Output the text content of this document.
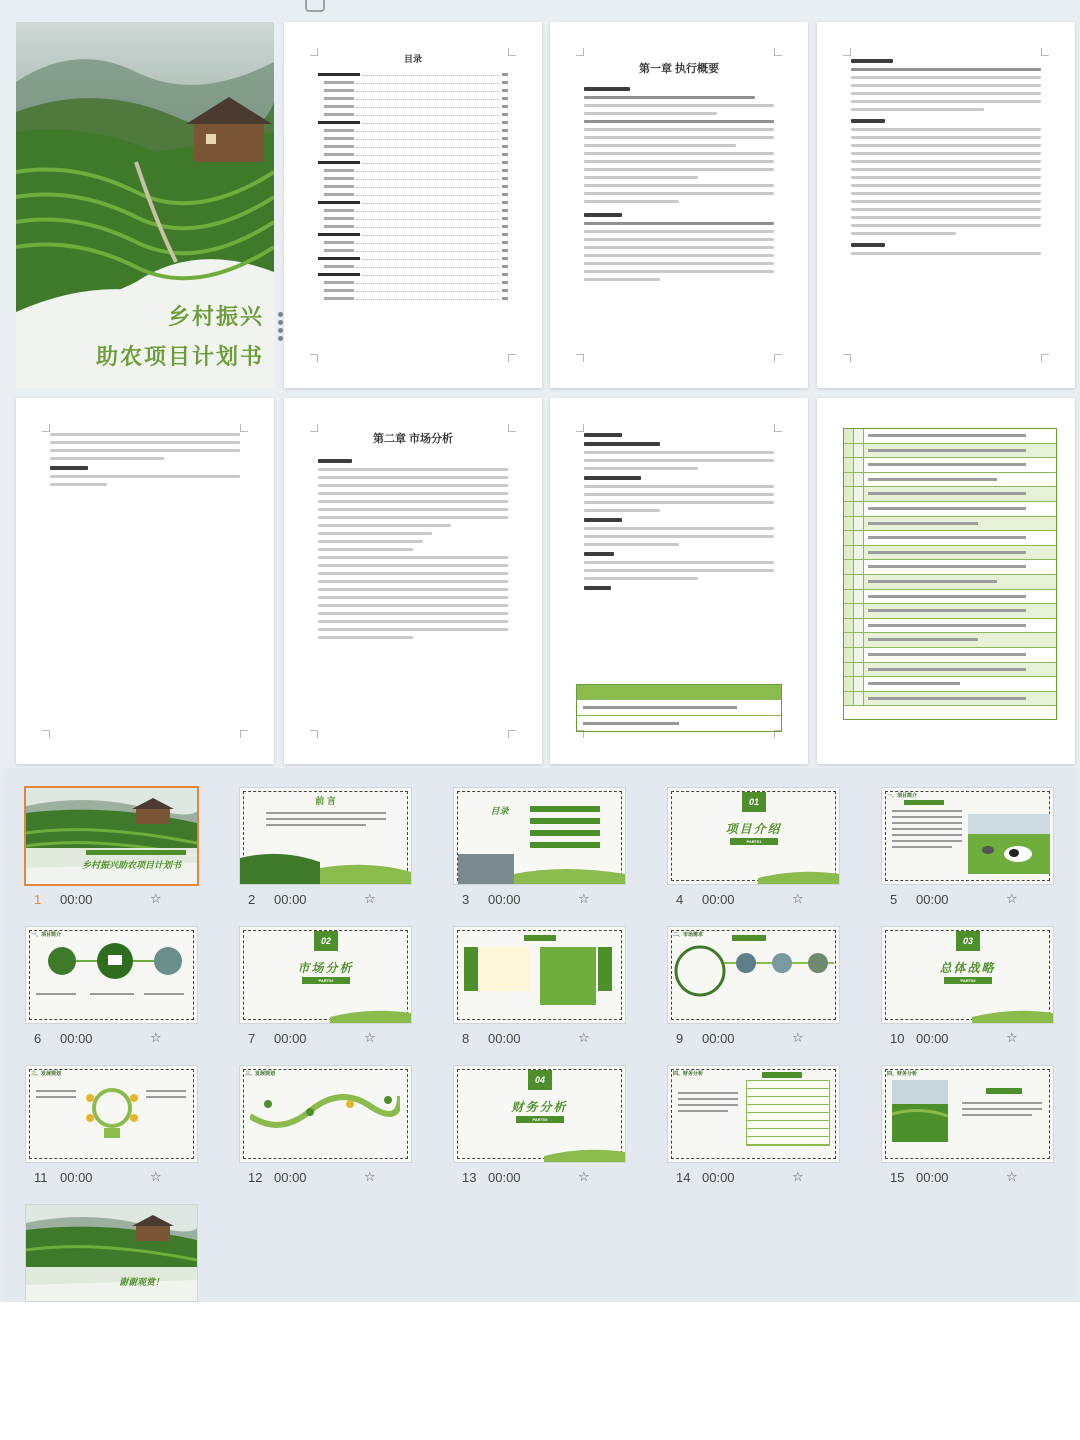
乡村振兴
助农项目计划书
目录
第一章 执行概要
第二章 市场分析
乡村振兴助农项目计划书
1 00:00	☆
前 言
2 00:00	☆
目录
3 00:00	☆
01
项目介绍
PART01
4 00:00	☆
一、项目简介
5 00:00	☆
一、项目简介
6 00:00	☆
02
市场分析
PART02
7 00:00	☆	8 00:00	☆
二、市场需求
9 00:00	☆
03
总体战略
PART03
10 00:00	☆
三、发展规划
11 00:00	☆
三、发展规划
12 00:00	☆
04
财务分析
PART05
13 00:00	☆
四、财务分析
14 00:00	☆
四、财务分析
15 00:00	☆
谢谢观赏！
